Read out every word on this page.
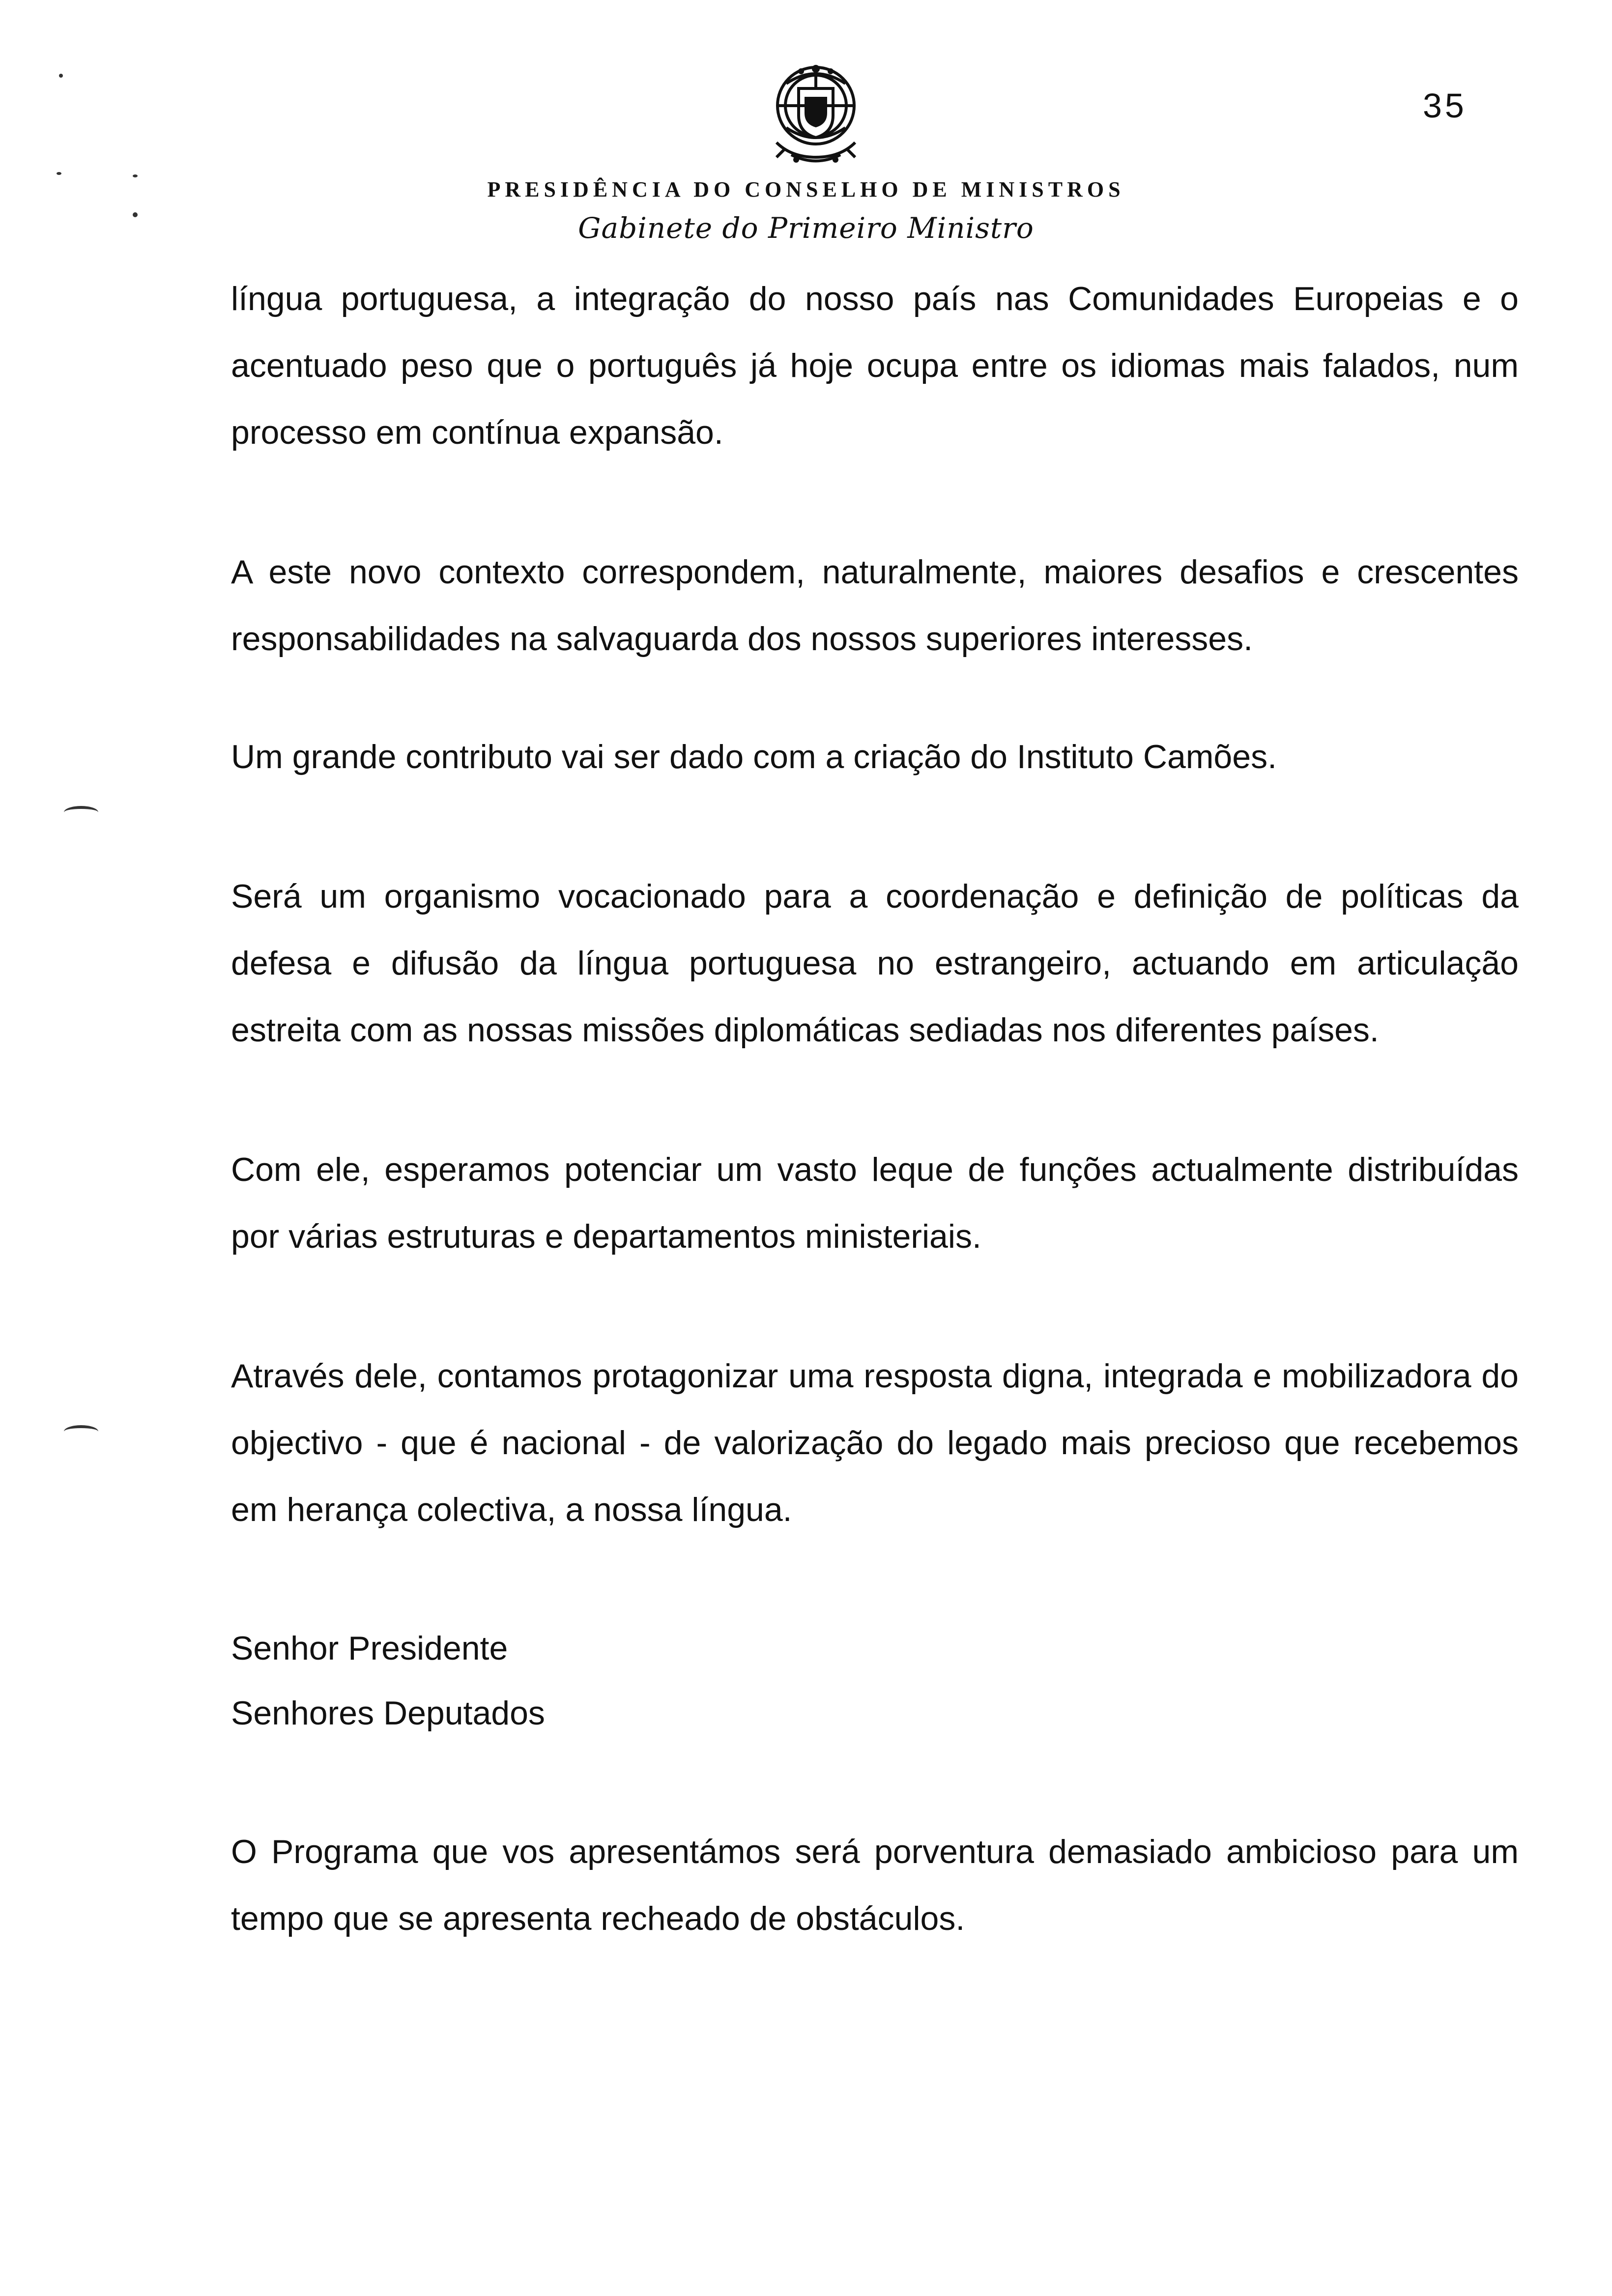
35
PRESIDÊNCIA DO CONSELHO DE MINISTROS
Gabinete do Primeiro Ministro

língua portuguesa, a integração do nosso país nas Comunidades Europeias e o acentuado peso que o português já hoje ocupa entre os idiomas mais falados, num processo em contínua expansão.

A este novo contexto correspondem, naturalmente, maiores desafios e crescentes responsabilidades na salvaguarda dos nossos superiores interesses.

Um grande contributo vai ser dado com a criação do Instituto Camões.

Será um organismo vocacionado para a coordenação e definição de políticas da defesa e difusão da língua portuguesa no estrangeiro, actuando em articulação estreita com as nossas missões diplomáticas sediadas nos diferentes países.

Com ele, esperamos potenciar um vasto leque de funções actualmente distribuídas por várias estruturas e departamentos ministeriais.

Através dele, contamos protagonizar uma resposta digna, integrada e mobilizadora do objectivo - que é nacional - de valorização do legado mais precioso que recebemos em herança colectiva, a nossa língua.

Senhor Presidente

Senhores Deputados

O Programa que vos apresentámos será porventura demasiado ambicioso para um tempo que se apresenta recheado de obstáculos.
